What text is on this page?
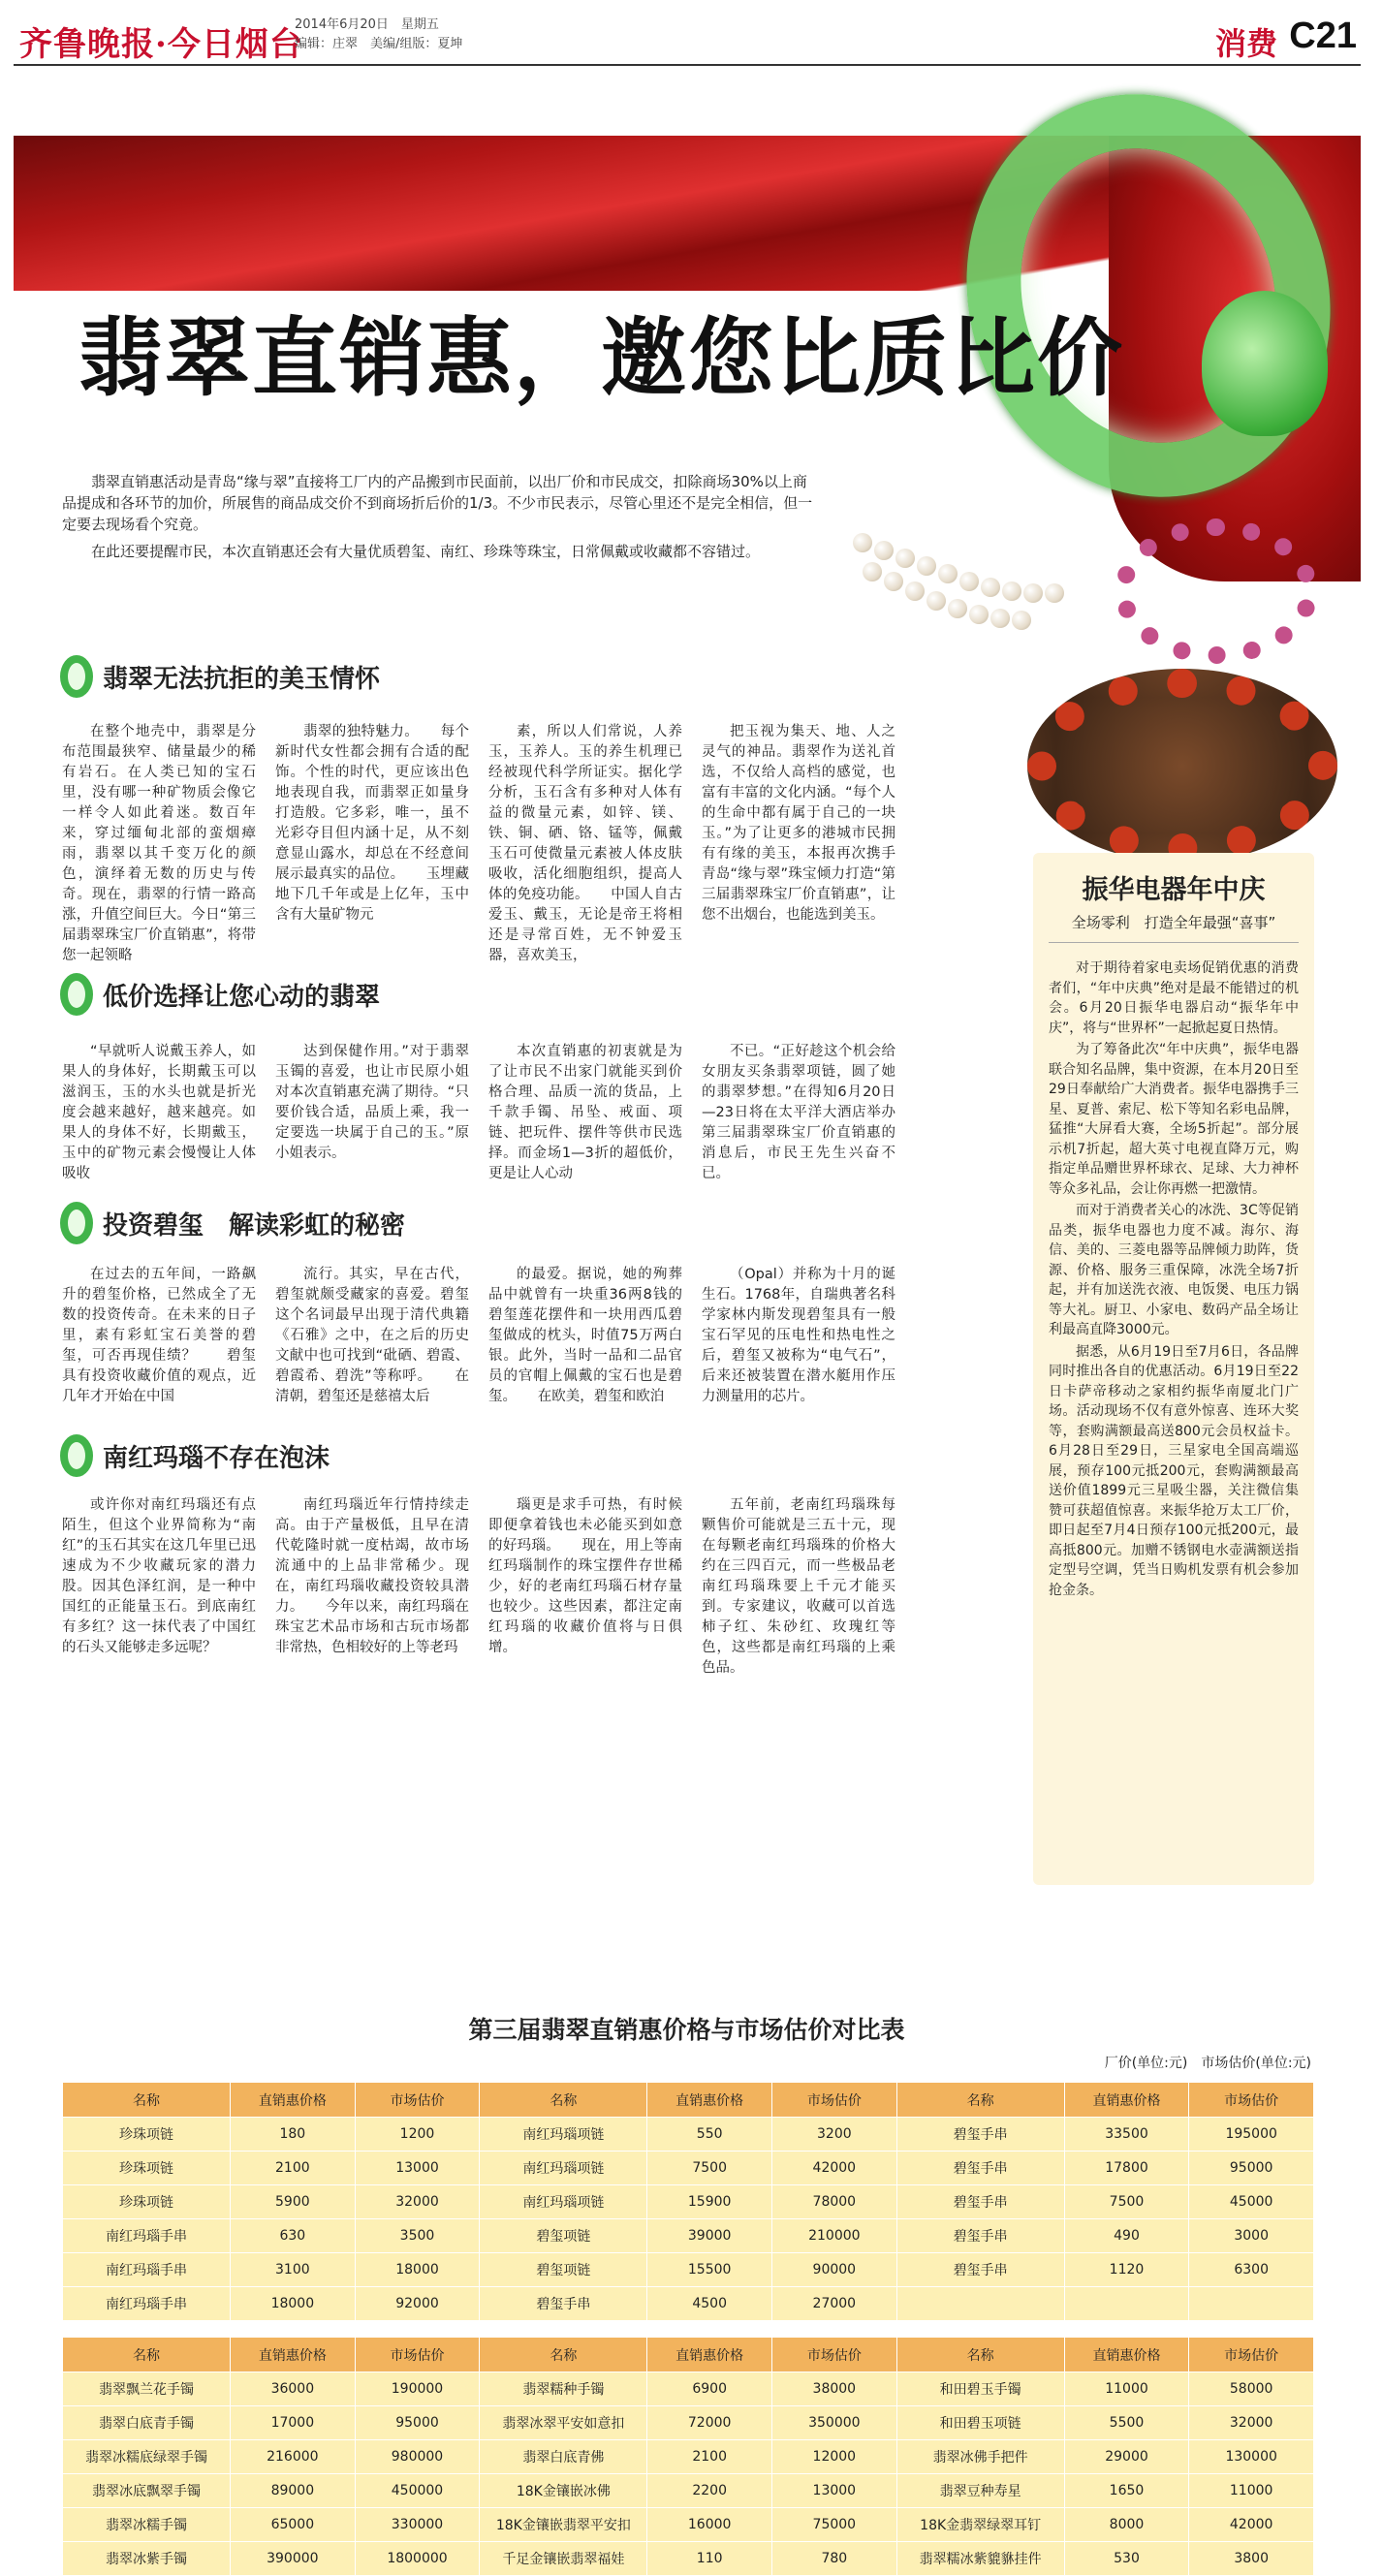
齐鲁晚报·今日烟台
2014年6月20日　星期五
编辑：庄翠　美编/组版：夏坤	消费 C21
翡翠直销惠，邀您比质比价

翡翠直销惠活动是青岛“缘与翠”直接将工厂内的产品搬到市民面前，以出厂价和市民成交，扣除商场30%以上商品提成和各环节的加价，所展售的商品成交价不到商场折后价的1/3。不少市民表示，尽管心里还不是完全相信，但一定要去现场看个究竟。

在此还要提醒市民，本次直销惠还会有大量优质碧玺、南红、珍珠等珠宝，日常佩戴或收藏都不容错过。

翡翠无法抗拒的美玉情怀
在整个地壳中，翡翠是分布范围最狭窄、储量最少的稀有岩石。在人类已知的宝石里，没有哪一种矿物质会像它一样令人如此着迷。数百年来，穿过缅甸北部的蛮烟瘴雨，翡翠以其千变万化的颜色，演绎着无数的历史与传奇。现在，翡翠的行情一路高涨，升值空间巨大。今日“第三届翡翠珠宝厂价直销惠”，将带您一起领略
翡翠的独特魅力。　　每个新时代女性都会拥有合适的配饰。个性的时代，更应该出色地表现自我，而翡翠正如量身打造般。它多彩，唯一，虽不光彩夺目但内涵十足，从不刻意显山露水，却总在不经意间展示最真实的品位。　　玉埋藏地下几千年或是上亿年，玉中含有大量矿物元
素，所以人们常说，人养玉，玉养人。玉的养生机理已经被现代科学所证实。据化学分析，玉石含有多种对人体有益的微量元素，如锌、镁、铁、铜、硒、铬、锰等，佩戴玉石可使微量元素被人体皮肤吸收，活化细胞组织，提高人体的免疫功能。　　中国人自古爱玉、戴玉，无论是帝王将相还是寻常百姓，无不钟爱玉器，喜欢美玉，
把玉视为集天、地、人之灵气的神品。翡翠作为送礼首选，不仅给人高档的感觉，也富有丰富的文化内涵。“每个人的生命中都有属于自己的一块玉。”为了让更多的港城市民拥有有缘的美玉，本报再次携手青岛“缘与翠”珠宝倾力打造“第三届翡翠珠宝厂价直销惠”，让您不出烟台，也能选到美玉。
低价选择让您心动的翡翠
“早就听人说戴玉养人，如果人的身体好，长期戴玉可以滋润玉，玉的水头也就是折光度会越来越好，越来越亮。如果人的身体不好，长期戴玉，玉中的矿物元素会慢慢让人体吸收
达到保健作用。”对于翡翠玉镯的喜爱，也让市民原小姐对本次直销惠充满了期待。“只要价钱合适，品质上乘，我一定要选一块属于自己的玉。”原小姐表示。
本次直销惠的初衷就是为了让市民不出家门就能买到价格合理、品质一流的货品，上千款手镯、吊坠、戒面、项链、把玩件、摆件等供市民选择。而金场1—3折的超低价，更是让人心动
不已。“正好趁这个机会给女朋友买条翡翠项链，圆了她的翡翠梦想。”在得知6月20日—23日将在太平洋大酒店举办第三届翡翠珠宝厂价直销惠的消息后，市民王先生兴奋不已。
投资碧玺　解读彩虹的秘密
在过去的五年间，一路飙升的碧玺价格，已然成全了无数的投资传奇。在未来的日子里，素有彩虹宝石美誉的碧玺，可否再现佳绩？　　碧玺具有投资收藏价值的观点，近几年才开始在中国
流行。其实，早在古代，碧玺就颇受藏家的喜爱。碧玺这个名词最早出现于清代典籍《石雅》之中，在之后的历史文献中也可找到“砒硒、碧霞、碧霞希、碧洗”等称呼。　　在清朝，碧玺还是慈禧太后
的最爱。据说，她的殉葬品中就曾有一块重36两8钱的碧玺莲花摆件和一块用西瓜碧玺做成的枕头，时值75万两白银。此外，当时一品和二品官员的官帽上佩戴的宝石也是碧玺。　　在欧美，碧玺和欧泊
（Opal）并称为十月的诞生石。1768年，自瑞典著名科学家林内斯发现碧玺具有一般宝石罕见的压电性和热电性之后，碧玺又被称为“电气石”，后来还被装置在潜水艇用作压力测量用的芯片。
南红玛瑙不存在泡沫
或许你对南红玛瑙还有点陌生，但这个业界简称为“南红”的玉石其实在这几年里已迅速成为不少收藏玩家的潜力股。因其色泽红润，是一种中国红的正能量玉石。到底南红有多红？这一抹代表了中国红的石头又能够走多远呢？
南红玛瑙近年行情持续走高。由于产量极低，且早在清代乾隆时就一度枯竭，故市场流通中的上品非常稀少。现在，南红玛瑙收藏投资较具潜力。　　今年以来，南红玛瑙在珠宝艺术品市场和古玩市场都非常热，色相较好的上等老玛
瑙更是求手可热，有时候即便拿着钱也未必能买到如意的好玛瑙。　　现在，用上等南红玛瑙制作的珠宝摆件存世稀少，好的老南红玛瑙石材存量也较少。这些因素，都注定南红玛瑙的收藏价值将与日俱增。
五年前，老南红玛瑙珠每颗售价可能就是三五十元，现在每颗老南红玛瑙珠的价格大约在三四百元，而一些极品老南红玛瑙珠要上千元才能买到。专家建议，收藏可以首选柿子红、朱砂红、玫瑰红等色，这些都是南红玛瑙的上乘色品。
振华电器年中庆
全场零利　打造全年最强“喜事”

对于期待着家电卖场促销优惠的消费者们，“年中庆典”绝对是最不能错过的机会。6月20日振华电器启动“振华年中庆”，将与“世界杯”一起掀起夏日热情。

为了筹备此次“年中庆典”，振华电器联合知名品牌，集中资源，在本月20日至29日奉献给广大消费者。振华电器携手三星、夏普、索尼、松下等知名彩电品牌，猛推“大屏看大赛，全场5折起”。部分展示机7折起，超大英寸电视直降万元，购指定单品赠世界杯球衣、足球、大力神杯等众多礼品，会让你再燃一把激情。

而对于消费者关心的冰洗、3C等促销品类，振华电器也力度不减。海尔、海信、美的、三菱电器等品牌倾力助阵，货源、价格、服务三重保障，冰洗全场7折起，并有加送洗衣液、电饭煲、电压力锅等大礼。厨卫、小家电、数码产品全场让利最高直降3000元。

据悉，从6月19日至7月6日，各品牌同时推出各自的优惠活动。6月19日至22日卡萨帝移动之家相约振华南厦北门广场。活动现场不仅有意外惊喜、连环大奖等，套购满额最高送800元会员权益卡。6月28日至29日，三星家电全国高端巡展，预存100元抵200元，套购满额最高送价值1899元三星吸尘器，关注微信集赞可获超值惊喜。来振华抢万太工厂价，即日起至7月4日预存100元抵200元，最高抵800元。加赠不锈钢电水壶满额送指定型号空调，凭当日购机发票有机会参加抢金条。

第三届翡翠直销惠价格与市场估价对比表
厂价(单位:元)　市场估价(单位:元)
名称	直销惠价格	市场估价	名称	直销惠价格	市场估价	名称	直销惠价格	市场估价
珍珠项链	180	1200	南红玛瑙项链	550	3200	碧玺手串	33500	195000
珍珠项链	2100	13000	南红玛瑙项链	7500	42000	碧玺手串	17800	95000
珍珠项链	5900	32000	南红玛瑙项链	15900	78000	碧玺手串	7500	45000
南红玛瑙手串	630	3500	碧玺项链	39000	210000	碧玺手串	490	3000
南红玛瑙手串	3100	18000	碧玺项链	15500	90000	碧玺手串	1120	6300
南红玛瑙手串	18000	92000	碧玺手串	4500	27000			
名称	直销惠价格	市场估价	名称	直销惠价格	市场估价	名称	直销惠价格	市场估价
翡翠飘兰花手镯	36000	190000	翡翠糯种手镯	6900	38000	和田碧玉手镯	11000	58000
翡翠白底青手镯	17000	95000	翡翠冰翠平安如意扣	72000	350000	和田碧玉项链	5500	32000
翡翠冰糯底绿翠手镯	216000	980000	翡翠白底青佛	2100	12000	翡翠冰佛手把件	29000	130000
翡翠冰底飘翠手镯	89000	450000	18K金镶嵌冰佛	2200	13000	翡翠豆种寿星	1650	11000
翡翠冰糯手镯	65000	330000	18K金镶嵌翡翠平安扣	16000	75000	18K金翡翠绿翠耳钉	8000	42000
翡翠冰紫手镯	390000	1800000	千足金镶嵌翡翠福娃	110	780	翡翠糯冰紫貔貅挂件	530	3800
